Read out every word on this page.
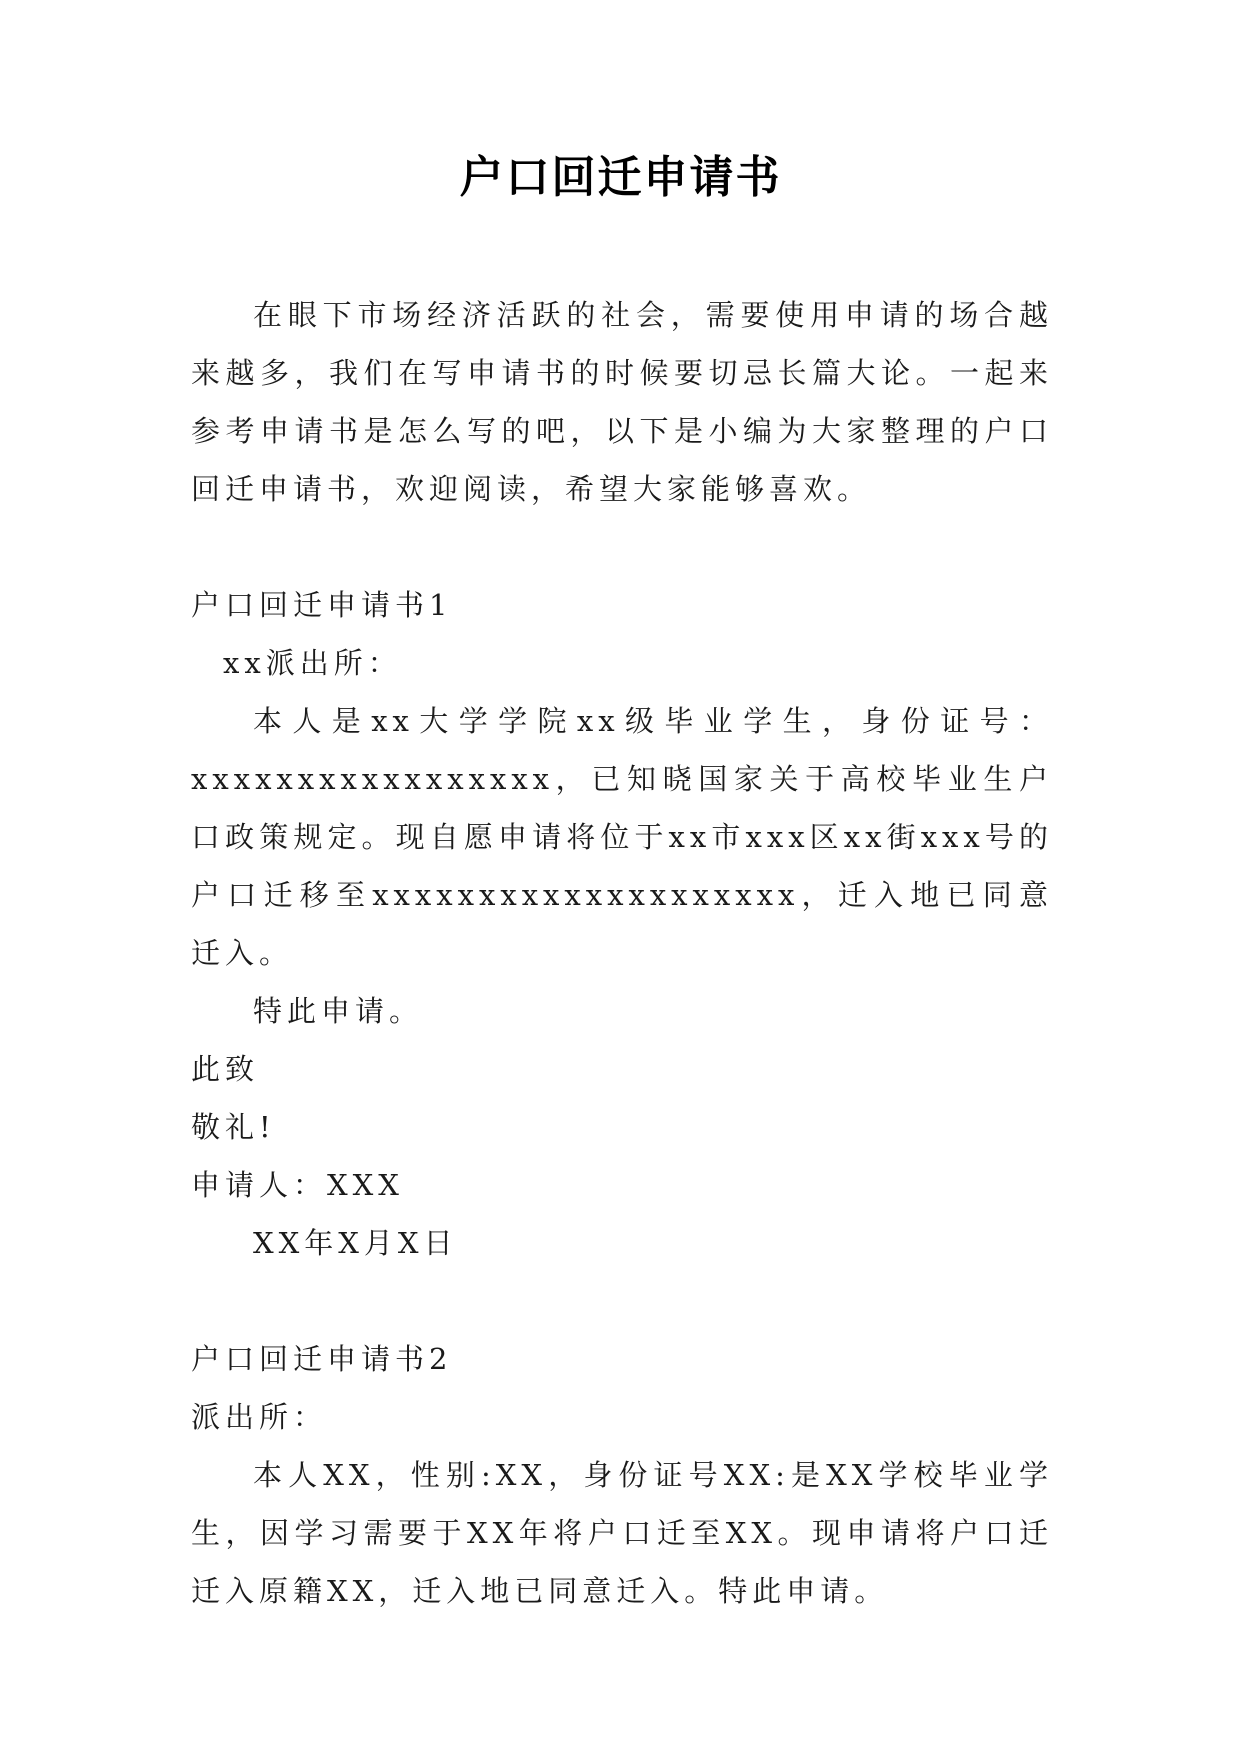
户口回迁申请书

在眼下市场经济活跃的社会，需要使用申请的场合越来越多，我们在写申请书的时候要切忌长篇大论。一起来参考申请书是怎么写的吧，以下是小编为大家整理的户口回迁申请书，欢迎阅读，希望大家能够喜欢。

户口回迁申请书1

xx派出所：

本人是xx大学学院xx级毕业学生，身份证号：xxxxxxxxxxxxxxxxx，已知晓国家关于高校毕业生户口政策规定。现自愿申请将位于xx市xxx区xx街xxx号的户口迁移至xxxxxxxxxxxxxxxxxxxx，迁入地已同意迁入。

特此申请。

此致

敬礼!

申请人：XXX

XX年X月X日

户口回迁申请书2

派出所：

本人XX，性别:XX，身份证号XX:是XX学校毕业学生，因学习需要于XX年将户口迁至XX。现申请将户口迁迁入原籍XX，迁入地已同意迁入。特此申请。
